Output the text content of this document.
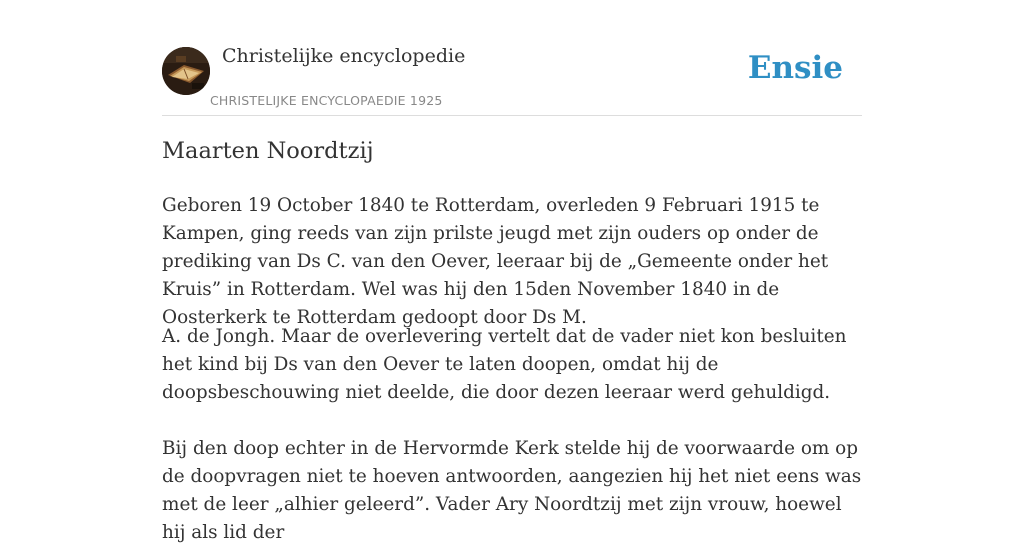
Christelijke encyclopedie
CHRISTELIJKE ENCYCLOPAEDIE 1925
Ensie
Maarten Noordtzij

Geboren 19 October 1840 te Rotterdam, overleden 9 Februari 1915 te Kampen, ging reeds van zijn prilste jeugd met zijn ouders op onder de prediking van Ds C. van den Oever, leeraar bij de „Gemeente onder het Kruis” in Rotterdam. Wel was hij den 15den November 1840 in de Oosterkerk te Rotterdam gedoopt door Ds M.

A. de Jongh. Maar de overlevering vertelt dat de vader niet kon besluiten het kind bij Ds van den Oever te laten doopen, omdat hij de doopsbeschouwing niet deelde, die door dezen leeraar werd gehuldigd.

Bij den doop echter in de Hervormde Kerk stelde hij de voorwaarde om op de doopvragen niet te hoeven antwoorden, aangezien hij het niet eens was met de leer „alhier geleerd”. Vader Ary Noordtzij met zijn vrouw, hoewel hij als lid der
